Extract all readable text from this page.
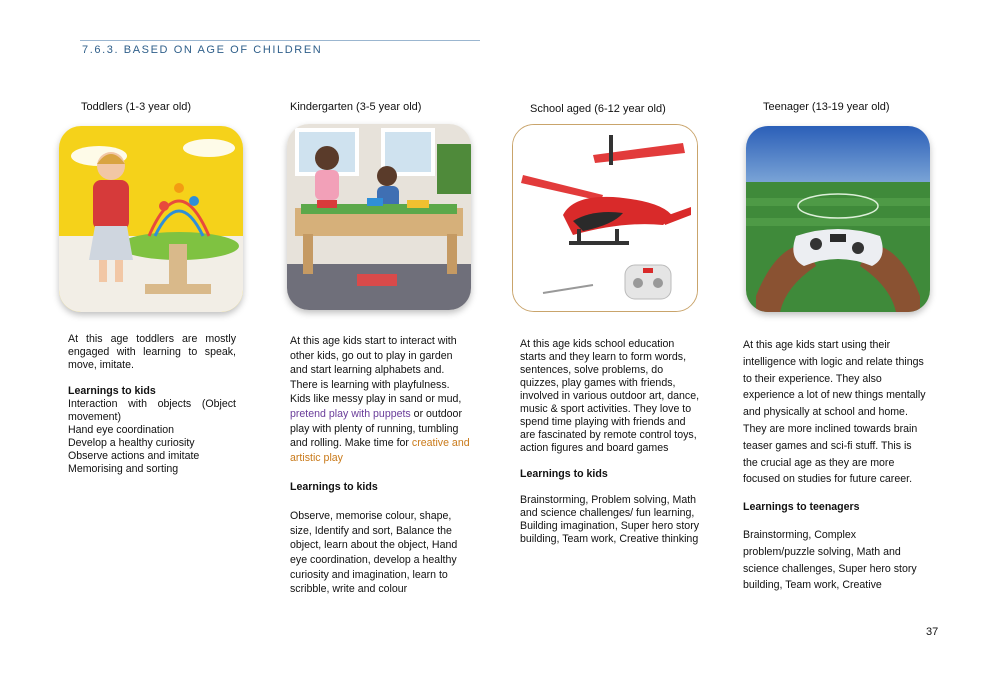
7.6.3. BASED ON AGE OF CHILDREN
Toddlers (1-3 year old)

At this age toddlers are mostly engaged with learning to speak, move, imitate.

Learnings to kids

Interaction with objects (Object movement)

Hand eye coordination

Develop a healthy curiosity

Observe actions and imitate

Memorising and sorting

Kindergarten (3-5 year old)

At this age kids start to interact with other kids, go out to play in garden and start learning alphabets and. There is learning with playfulness. Kids like messy play in sand or mud, pretend play with puppets or outdoor play with plenty of running, tumbling and rolling. Make time for creative and artistic play

Learnings to kids

Observe, memorise colour, shape, size, Identify and sort, Balance the object, learn about the object, Hand eye coordination, develop a healthy curiosity and imagination, learn to scribble, write and colour

School aged (6-12 year old)

At this age kids school education starts and they learn to form words, sentences, solve problems, do quizzes, play games with friends, involved in various outdoor art, dance, music & sport activities. They love to spend time playing with friends and are fascinated by remote control toys, action figures and board games

Learnings to kids

Brainstorming, Problem solving, Math and science challenges/ fun learning, Building imagination, Super hero story building, Team work, Creative thinking

Teenager (13-19 year old)

At this age kids start using their intelligence with logic and relate things to their experience. They also experience a lot of new things mentally and physically at school and home. They are more inclined towards brain teaser games and sci-fi stuff. This is the crucial age as they are more focused on studies for future career.

Learnings to teenagers

Brainstorming, Complex problem/puzzle solving, Math and science challenges, Super hero story building, Team work, Creative

37
